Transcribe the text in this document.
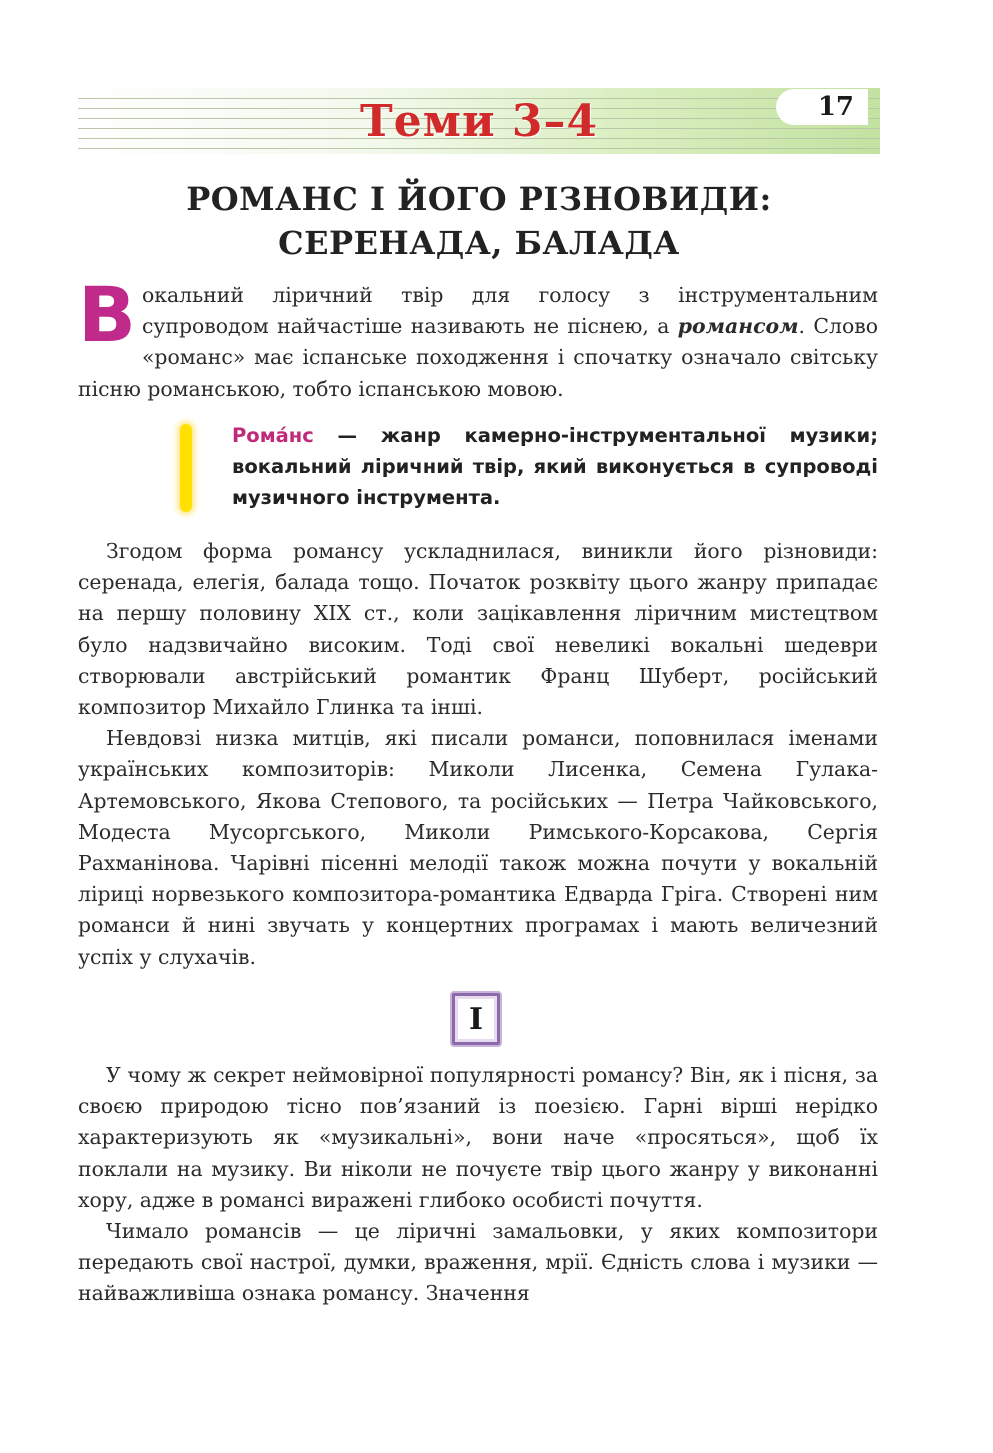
17
Теми 3–4
РОМАНС І ЙОГО РІЗНОВИДИ:
СЕРЕНАДА, БАЛАДА

Вокальний ліричний твір для голосу з інструментальним супроводом найчастіше називають не піснею, а романсом. Слово «романс» має іспанське походження і спочатку означало світську пісню романською, тобто іспанською мовою.

Рома́нс — жанр камерно-інструментальної музики; вокальний ліричний твір, який виконується в супроводі музичного інструмента.

Згодом форма романсу ускладнилася, виникли його різновиди: серенада, елегія, балада тощо. Початок розквіту цього жанру припадає на першу половину XIX ст., коли зацікавлення ліричним мистецтвом було надзвичайно високим. Тоді свої невеликі вокальні шедеври створювали австрійський романтик Франц Шуберт, російський композитор Михайло Глинка та інші.

Невдовзі низка митців, які писали романси, поповнилася іменами українських композиторів: Миколи Лисенка, Семена Гулака-Артемовського, Якова Степового, та російських — Петра Чайковського, Модеста Мусоргського, Миколи Римського-Корсакова, Сергія Рахманінова. Чарівні пісенні мелодії також можна почути у вокальній ліриці норвезького композитора-романтика Едварда Гріга. Створені ним романси й нині звучать у концертних програмах і мають величезний успіх у слухачів.

I

У чому ж секрет неймовірної популярності романсу? Він, як і пісня, за своєю природою тісно пов’язаний із поезією. Гарні вірші нерідко характеризують як «музикальні», вони наче «просяться», щоб їх поклали на музику. Ви ніколи не почуєте твір цього жанру у виконанні хору, адже в романсі виражені глибоко особисті почуття.

Чимало романсів — це ліричні замальовки, у яких композитори передають свої настрої, думки, враження, мрії. Єдність слова і музики — найважливіша ознака романсу. Значення
